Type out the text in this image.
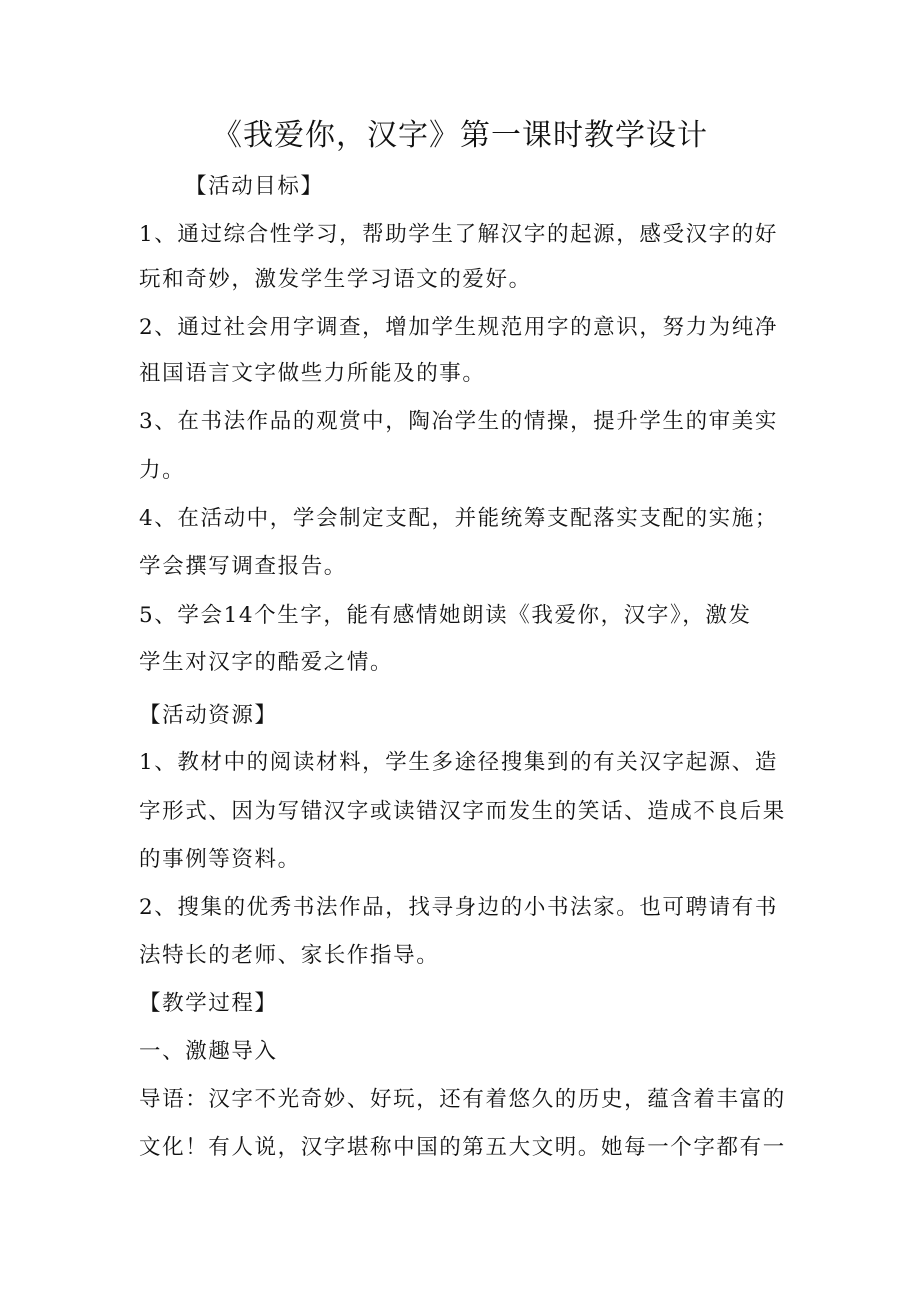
《我爱你，汉字》第一课时教学设计
【活动目标】
1、通过综合性学习，帮助学生了解汉字的起源，感受汉字的好
玩和奇妙，激发学生学习语文的爱好。
2、通过社会用字调查，增加学生规范用字的意识，努力为纯净
祖国语言文字做些力所能及的事。
3、在书法作品的观赏中，陶冶学生的情操，提升学生的审美实
力。
4、在活动中，学会制定支配，并能统筹支配落实支配的实施；
学会撰写调查报告。
5、学会14个生字，能有感情她朗读《我爱你，汉字》，激发
学生对汉字的酷爱之情。
【活动资源】
1、教材中的阅读材料，学生多途径搜集到的有关汉字起源、造
字形式、因为写错汉字或读错汉字而发生的笑话、造成不良后果
的事例等资料。
2、搜集的优秀书法作品，找寻身边的小书法家。也可聘请有书
法特长的老师、家长作指导。
【教学过程】
一、激趣导入
导语：汉字不光奇妙、好玩，还有着悠久的历史，蕴含着丰富的
文化！有人说，汉字堪称中国的第五大文明。她每一个字都有一
